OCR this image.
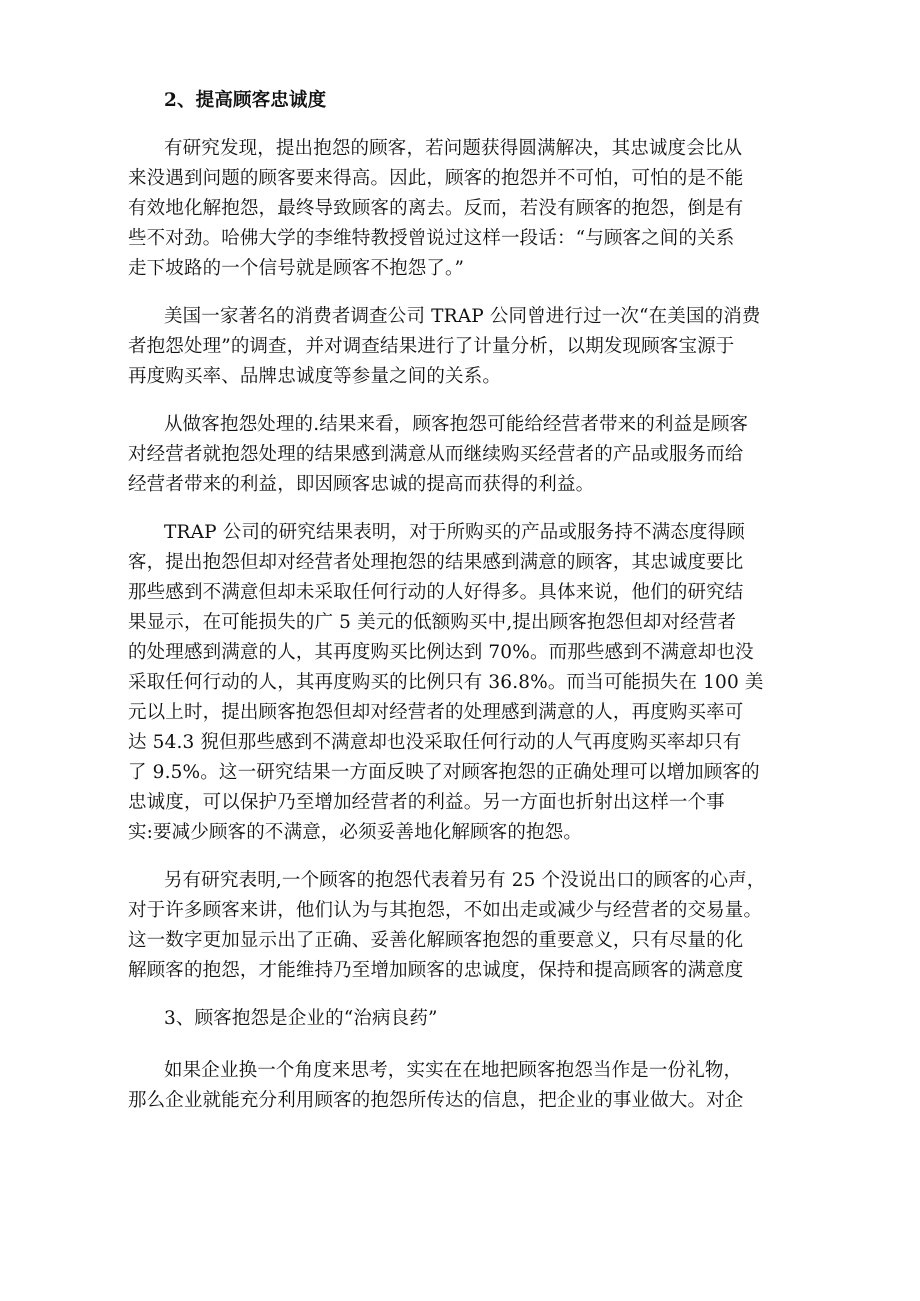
2、提高顾客忠诚度
有研究发现，提出抱怨的顾客，若问题获得圆满解决，其忠诚度会比从
来没遇到问题的顾客要来得高。因此，顾客的抱怨并不可怕，可怕的是不能
有效地化解抱怨，最终导致顾客的离去。反而，若没有顾客的抱怨，倒是有
些不对劲。哈佛大学的李维特教授曾说过这样一段话：“与顾客之间的关系
走下坡路的一个信号就是顾客不抱怨了。”
美国一家著名的消费者调查公司 TRAP 公同曾进行过一次“在美国的消费
者抱怨处理”的调查，并对调查结果进行了计量分析，以期发现顾客宝源于
再度购买率、品牌忠诚度等参量之间的关系。
从做客抱怨处理的.结果来看，顾客抱怨可能给经营者带来的利益是顾客
对经营者就抱怨处理的结果感到满意从而继续购买经营者的产品或服务而给
经营者带来的利益，即因顾客忠诚的提高而获得的利益。
TRAP 公司的研究结果表明，对于所购买的产品或服务持不满态度得顾
客，提出抱怨但却对经营者处理抱怨的结果感到满意的顾客，其忠诚度要比
那些感到不满意但却未采取任何行动的人好得多。具体来说，他们的研究结
果显示，在可能损失的广 5 美元的低额购买中,提出顾客抱怨但却对经营者
的处理感到满意的人，其再度购买比例达到 70%。而那些感到不满意却也没
采取任何行动的人，其再度购买的比例只有 36.8%。而当可能损失在 100 美
元以上时，提出顾客抱怨但却对经营者的处理感到满意的人，再度购买率可
达 54.3 猊但那些感到不满意却也没采取任何行动的人气再度购买率却只有
了 9.5%。这一研究结果一方面反映了对顾客抱怨的正确处理可以增加顾客的
忠诚度，可以保护乃至增加经营者的利益。另一方面也折射出这样一个事
实:要减少顾客的不满意，必须妥善地化解顾客的抱怨。
另有研究表明,一个顾客的抱怨代表着另有 25 个没说出口的顾客的心声，
对于许多顾客来讲，他们认为与其抱怨，不如出走或减少与经营者的交易量。
这一数字更加显示出了正确、妥善化解顾客抱怨的重要意义，只有尽量的化
解顾客的抱怨，才能维持乃至增加顾客的忠诚度，保持和提高顾客的满意度
3、顾客抱怨是企业的“治病良药”
如果企业换一个角度来思考，实实在在地把顾客抱怨当作是一份礼物，
那么企业就能充分利用顾客的抱怨所传达的信息，把企业的事业做大。对企
